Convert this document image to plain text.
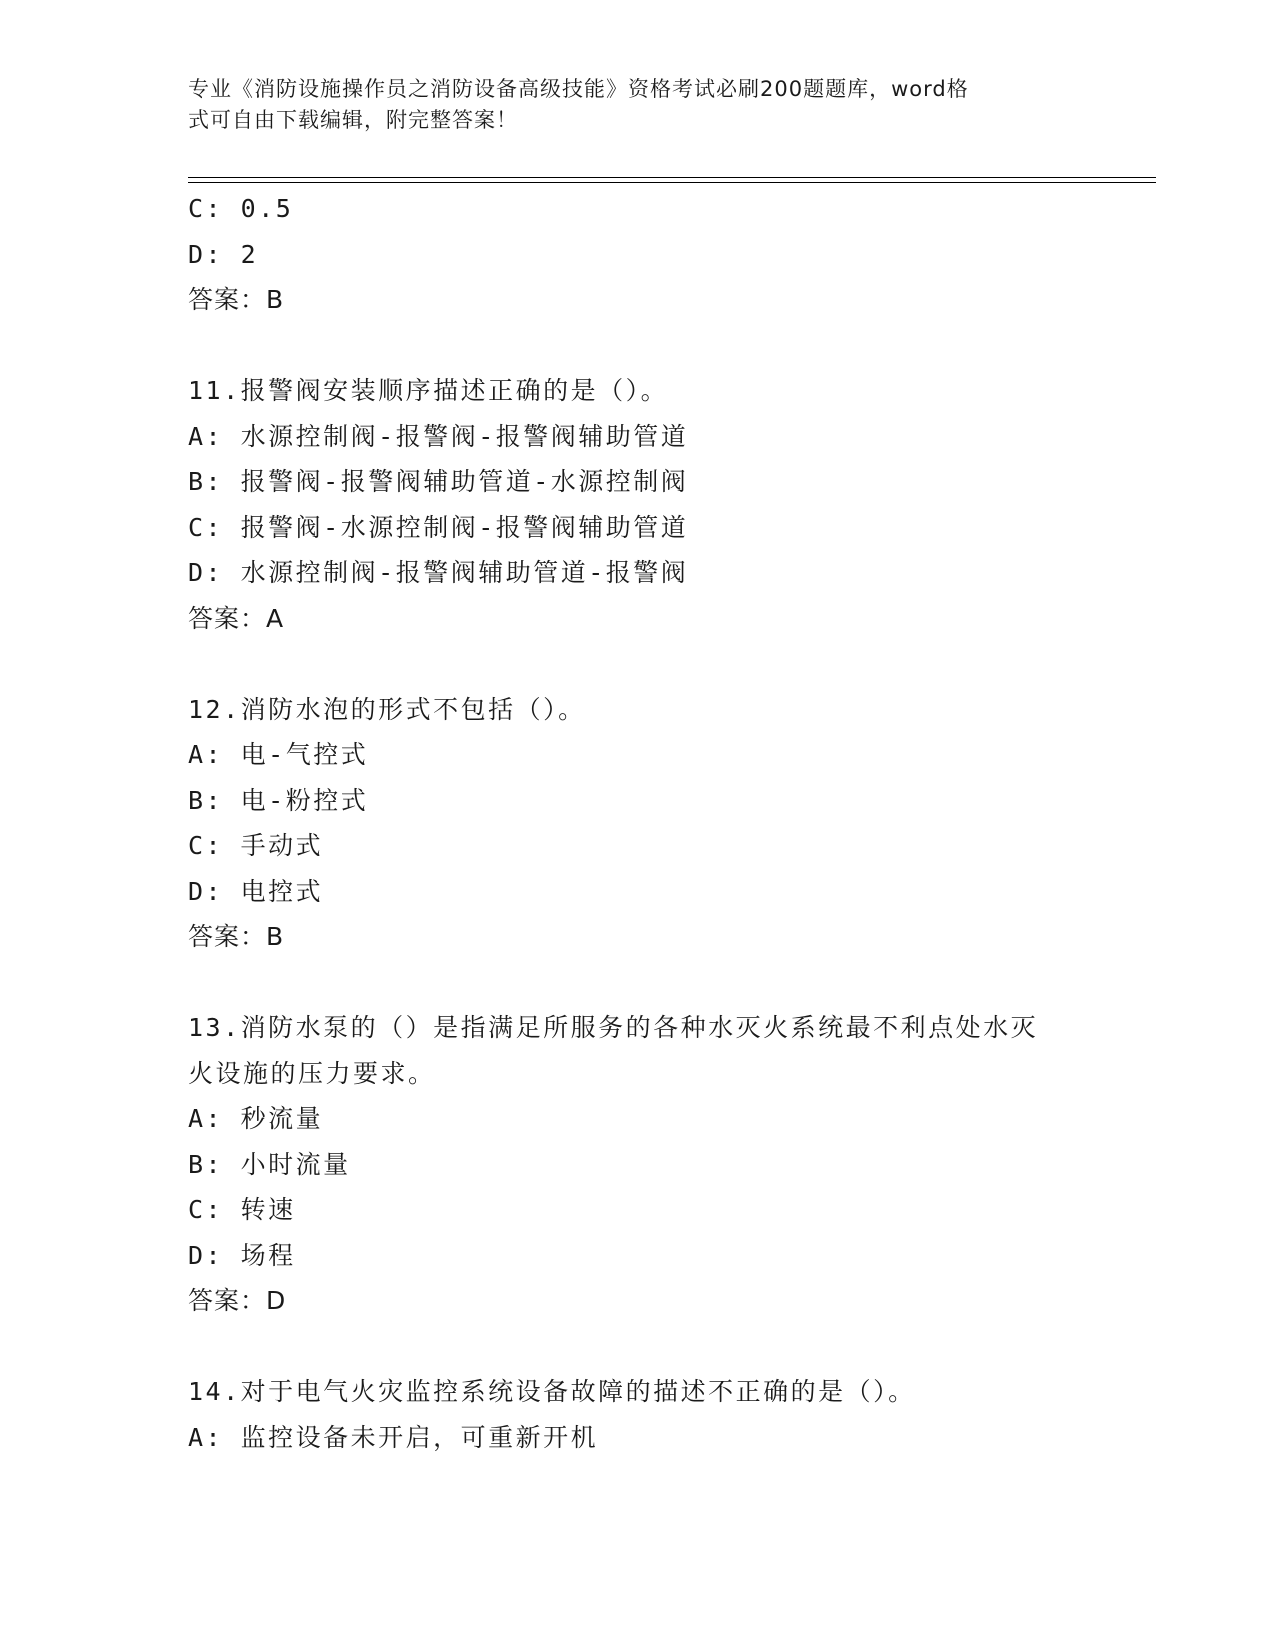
专业《消防设施操作员之消防设备高级技能》资格考试必刷200题题库，word格
式可自由下载编辑，附完整答案！
C: 0.5
D: 2
答案：B
11.报警阀安装顺序描述正确的是（）。
A: 水源控制阀-报警阀-报警阀辅助管道
B: 报警阀-报警阀辅助管道-水源控制阀
C: 报警阀-水源控制阀-报警阀辅助管道
D: 水源控制阀-报警阀辅助管道-报警阀
答案：A
12.消防水泡的形式不包括（）。
A: 电-气控式
B: 电-粉控式
C: 手动式
D: 电控式
答案：B
13.消防水泵的（）是指满足所服务的各种水灭火系统最不利点处水灭
火设施的压力要求。
A: 秒流量
B: 小时流量
C: 转速
D: 场程
答案：D
14.对于电气火灾监控系统设备故障的描述不正确的是（）。
A: 监控设备未开启，可重新开机
